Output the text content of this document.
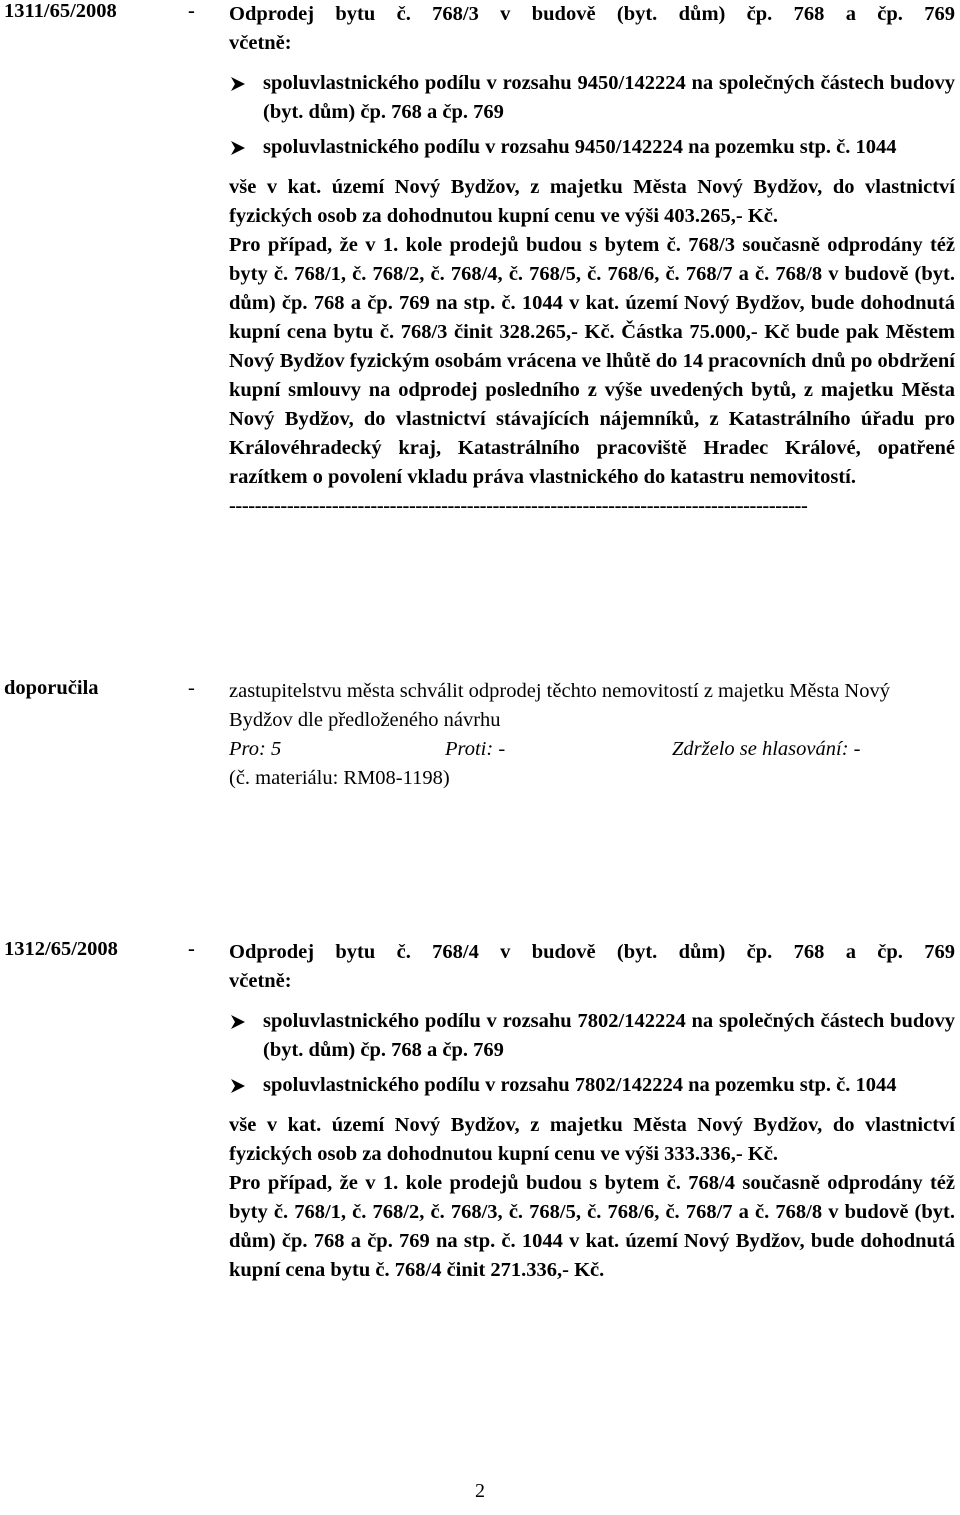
1311/65/2008	- Odprodej bytu č. 768/3 v budově (byt. dům) čp. 768 a čp. 769

včetně:

spoluvlastnického podílu v rozsahu 9450/142224 na společných částech budovy (byt. dům) čp. 768 a čp. 769
spoluvlastnického podílu v rozsahu 9450/142224 na pozemku stp. č. 1044

vše v kat. území Nový Bydžov, z majetku Města Nový Bydžov, do vlastnictví fyzických osob za dohodnutou kupní cenu ve výši 403.265,- Kč.

Pro případ, že v 1. kole prodejů budou s bytem č. 768/3 současně odprodány též byty č. 768/1, č. 768/2, č. 768/4, č. 768/5, č. 768/6, č. 768/7 a č. 768/8 v budově (byt. dům) čp. 768 a čp. 769 na stp. č. 1044 v kat. území Nový Bydžov, bude dohodnutá kupní cena bytu č. 768/3 činit 328.265,- Kč. Částka 75.000,- Kč bude pak Městem Nový Bydžov fyzickým osobám vrácena ve lhůtě do 14 pracovních dnů po obdržení kupní smlouvy na odprodej posledního z výše uvedených bytů, z majetku Města Nový Bydžov, do vlastnictví stávajících nájemníků, z Katastrálního úřadu pro Královéhradecký kraj, Katastrálního pracoviště Hradec Králové, opatřené razítkem o povolení vkladu práva vlastnického do katastru nemovitostí.

------------------------------------------------------------------------------------------

doporučila	- zastupitelstvu města schválit odprodej těchto nemovitostí z majetku Města Nový Bydžov dle předloženého návrhu

Pro: 5	Proti: -	Zdrželo se hlasování: -

(č. materiálu: RM08-1198)

1312/65/2008	- Odprodej bytu č. 768/4 v budově (byt. dům) čp. 768 a čp. 769

včetně:

spoluvlastnického podílu v rozsahu 7802/142224 na společných částech budovy (byt. dům) čp. 768 a čp. 769
spoluvlastnického podílu v rozsahu 7802/142224 na pozemku stp. č. 1044

vše v kat. území Nový Bydžov, z majetku Města Nový Bydžov, do vlastnictví fyzických osob za dohodnutou kupní cenu ve výši 333.336,- Kč.

Pro případ, že v 1. kole prodejů budou s bytem č. 768/4 současně odprodány též byty č. 768/1, č. 768/2, č. 768/3, č. 768/5, č. 768/6, č. 768/7 a č. 768/8 v budově (byt. dům) čp. 768 a čp. 769 na stp. č. 1044 v kat. území Nový Bydžov, bude dohodnutá kupní cena bytu č. 768/4 činit 271.336,- Kč.

2
